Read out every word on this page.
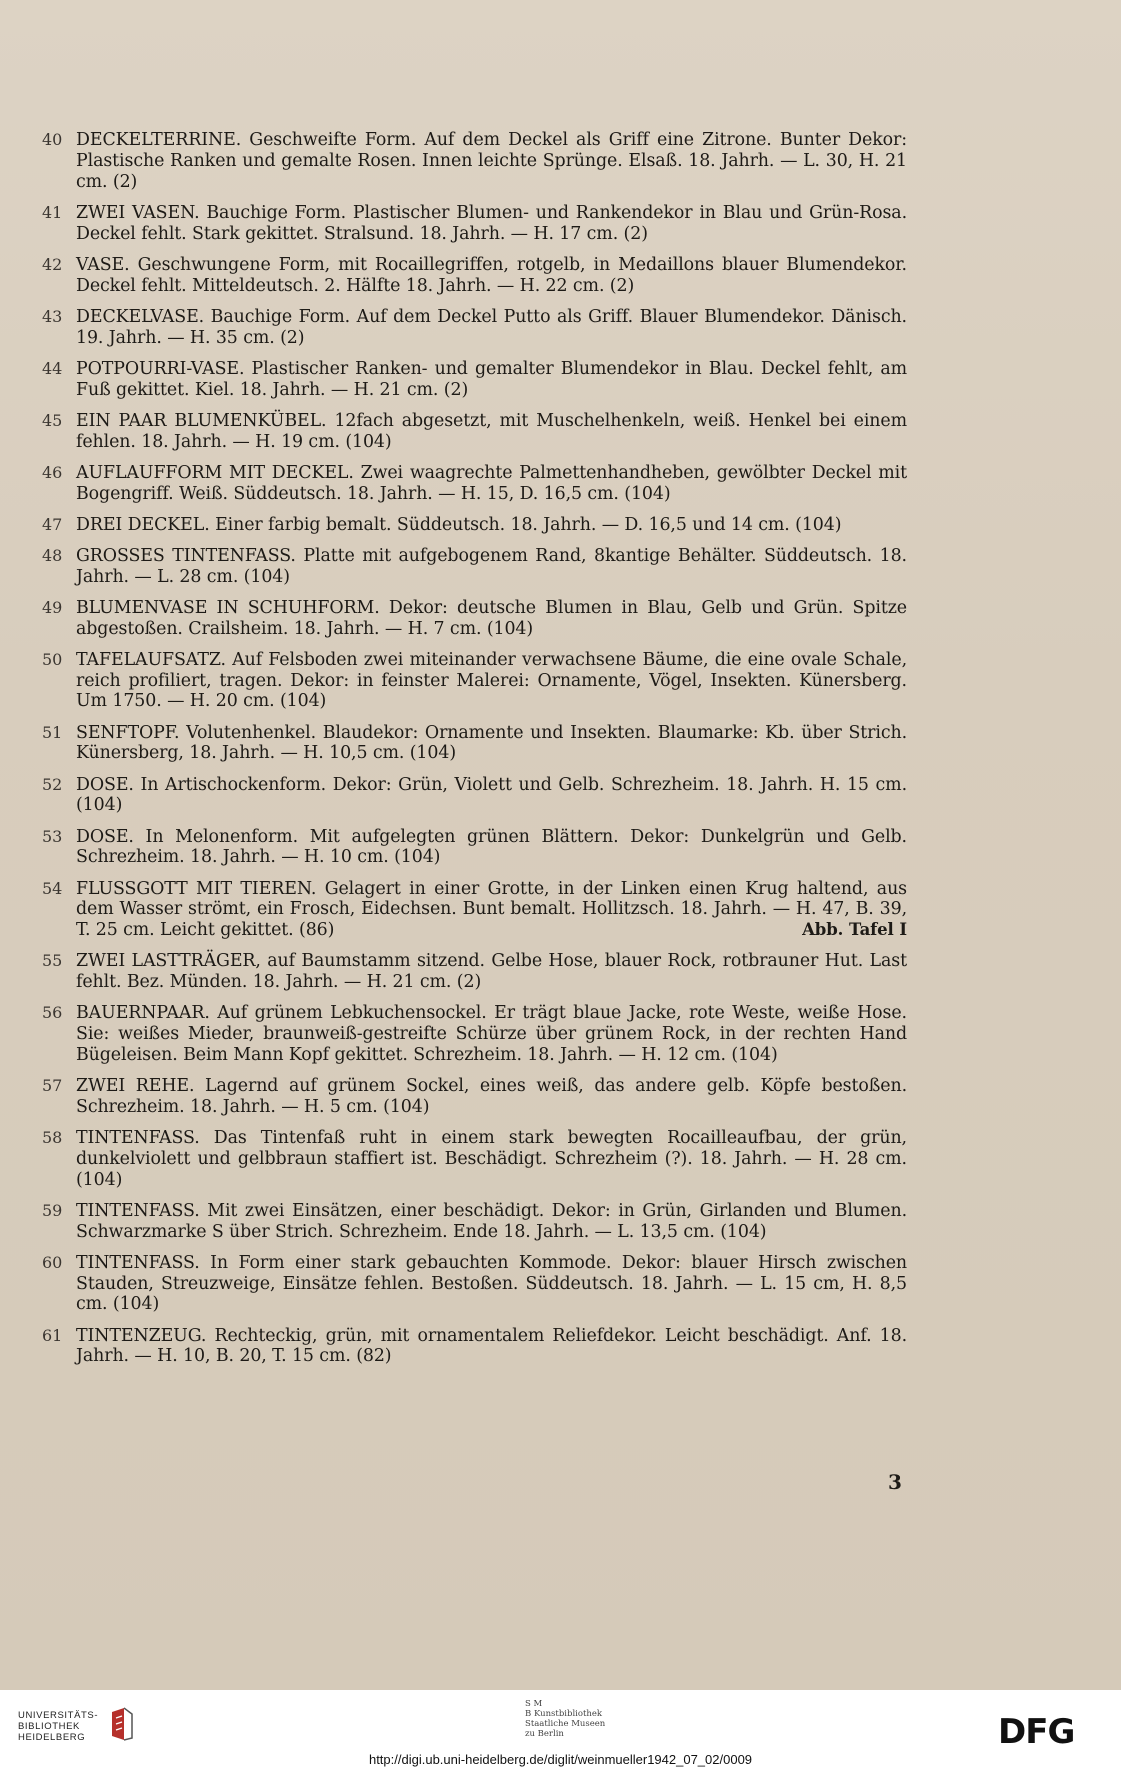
40 DECKELTERRINE. Geschweifte Form. Auf dem Deckel als Griff eine Zitrone. Bunter Dekor: Plastische Ranken und gemalte Rosen. Innen leichte Sprünge. Elsaß. 18. Jahrh. — L. 30, H. 21 cm. (2)
41 ZWEI VASEN. Bauchige Form. Plastischer Blumen- und Rankendekor in Blau und Grün-Rosa. Deckel fehlt. Stark gekittet. Stralsund. 18. Jahrh. — H. 17 cm. (2)
42 VASE. Geschwungene Form, mit Rocaillegriffen, rotgelb, in Medaillons blauer Blumendekor. Deckel fehlt. Mitteldeutsch. 2. Hälfte 18. Jahrh. — H. 22 cm. (2)
43 DECKELVASE. Bauchige Form. Auf dem Deckel Putto als Griff. Blauer Blumendekor. Dänisch. 19. Jahrh. — H. 35 cm. (2)
44 POTPOURRI-VASE. Plastischer Ranken- und gemalter Blumendekor in Blau. Deckel fehlt, am Fuß gekittet. Kiel. 18. Jahrh. — H. 21 cm. (2)
45 EIN PAAR BLUMENKÜBEL. 12fach abgesetzt, mit Muschelhenkeln, weiß. Henkel bei einem fehlen. 18. Jahrh. — H. 19 cm. (104)
46 AUFLAUFFORM MIT DECKEL. Zwei waagrechte Palmettenhandheben, gewölbter Deckel mit Bogengriff. Weiß. Süddeutsch. 18. Jahrh. — H. 15, D. 16,5 cm. (104)
47 DREI DECKEL. Einer farbig bemalt. Süddeutsch. 18. Jahrh. — D. 16,5 und 14 cm. (104)
48 GROSSES TINTENFASS. Platte mit aufgebogenem Rand, 8kantige Behälter. Süddeutsch. 18. Jahrh. — L. 28 cm. (104)
49 BLUMENVASE IN SCHUHFORM. Dekor: deutsche Blumen in Blau, Gelb und Grün. Spitze abgestoßen. Crailsheim. 18. Jahrh. — H. 7 cm. (104)
50 TAFELAUFSATZ. Auf Felsboden zwei miteinander verwachsene Bäume, die eine ovale Schale, reich profiliert, tragen. Dekor: in feinster Malerei: Ornamente, Vögel, Insekten. Künersberg. Um 1750. — H. 20 cm. (104)
51 SENFTOPF. Volutenhenkel. Blaudekor: Ornamente und Insekten. Blaumarke: Kb. über Strich. Künersberg, 18. Jahrh. — H. 10,5 cm. (104)
52 DOSE. In Artischockenform. Dekor: Grün, Violett und Gelb. Schrezheim. 18. Jahrh. H. 15 cm. (104)
53 DOSE. In Melonenform. Mit aufgelegten grünen Blättern. Dekor: Dunkelgrün und Gelb. Schrezheim. 18. Jahrh. — H. 10 cm. (104)
54 FLUSSGOTT MIT TIEREN. Gelagert in einer Grotte, in der Linken einen Krug haltend, aus dem Wasser strömt, ein Frosch, Eidechsen. Bunt bemalt. Hollitzsch. 18. Jahrh. — H. 47, B. 39, T. 25 cm. Leicht gekittet. (86)	Abb. Tafel I
55 ZWEI LASTTRÄGER, auf Baumstamm sitzend. Gelbe Hose, blauer Rock, rotbrauner Hut. Last fehlt. Bez. Münden. 18. Jahrh. — H. 21 cm. (2)
56 BAUERNPAAR. Auf grünem Lebkuchensockel. Er trägt blaue Jacke, rote Weste, weiße Hose. Sie: weißes Mieder, braunweiß-gestreifte Schürze über grünem Rock, in der rechten Hand Bügeleisen. Beim Mann Kopf gekittet. Schrezheim. 18. Jahrh. — H. 12 cm. (104)
57 ZWEI REHE. Lagernd auf grünem Sockel, eines weiß, das andere gelb. Köpfe bestoßen. Schrezheim. 18. Jahrh. — H. 5 cm. (104)
58 TINTENFASS. Das Tintenfaß ruht in einem stark bewegten Rocailleaufbau, der grün, dunkelviolett und gelbbraun staffiert ist. Beschädigt. Schrezheim (?). 18. Jahrh. — H. 28 cm. (104)
59 TINTENFASS. Mit zwei Einsätzen, einer beschädigt. Dekor: in Grün, Girlanden und Blumen. Schwarzmarke S über Strich. Schrezheim. Ende 18. Jahrh. — L. 13,5 cm. (104)
60 TINTENFASS. In Form einer stark gebauchten Kommode. Dekor: blauer Hirsch zwischen Stauden, Streuzweige, Einsätze fehlen. Bestoßen. Süddeutsch. 18. Jahrh. — L. 15 cm, H. 8,5 cm. (104)
61 TINTENZEUG. Rechteckig, grün, mit ornamentalem Reliefdekor. Leicht beschädigt. Anf. 18. Jahrh. — H. 10, B. 20, T. 15 cm. (82)
3
UNIVERSITÄTS-
BIBLIOTHEK
HEIDELBERG
S M
B Kunstbibliothek
Staatliche Museen
zu Berlin	DFG
http://digi.ub.uni-heidelberg.de/diglit/weinmueller1942_07_02/0009
